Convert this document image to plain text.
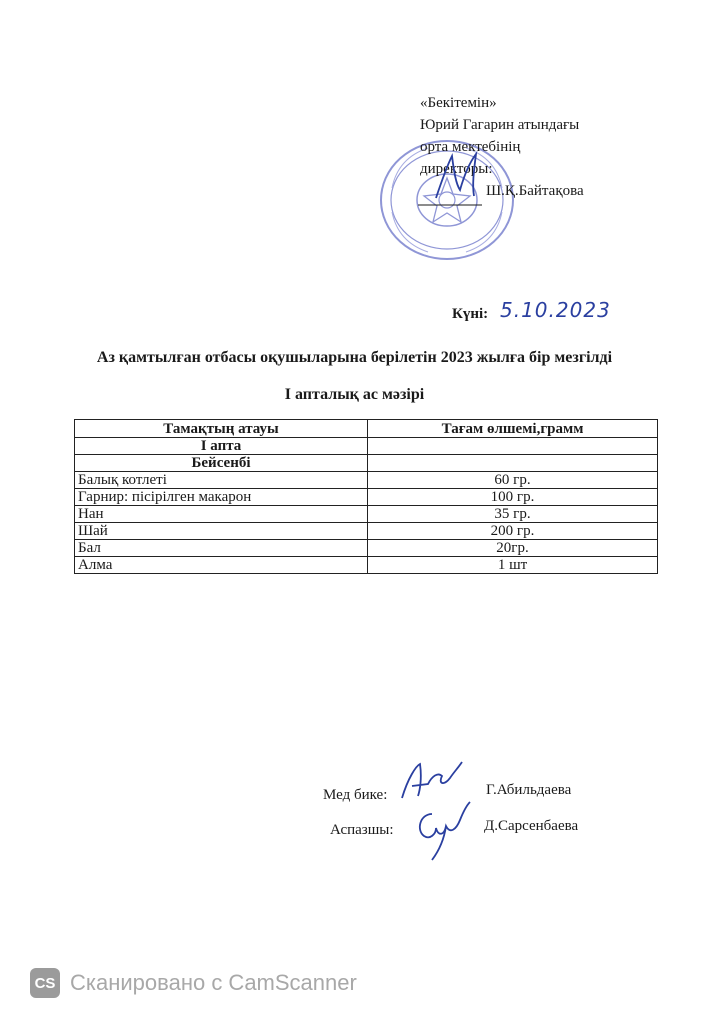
«Бекітемін»
Юрий Гагарин атындағы
орта мектебінің
директоры:
Ш.Қ.Байтақова
Күні: 5.10.2023
Аз қамтылған отбасы оқушыларына берілетін 2023 жылға бір мезгілді
I апталық ас мәзірі
Тамақтың атауы	Тағам өлшемі,грамм
I апта	
Бейсенбі	
Балық котлеті	60 гр.
Гарнир: пісірілген макарон	100 гр.
Нан	35 гр.
Шай	200 гр.
Бал	20гр.
Алма	1 шт
Мед бике:	Г.Абильдаева
Аспазшы:	Д.Сарсенбаева
CS Сканировано с CamScanner
